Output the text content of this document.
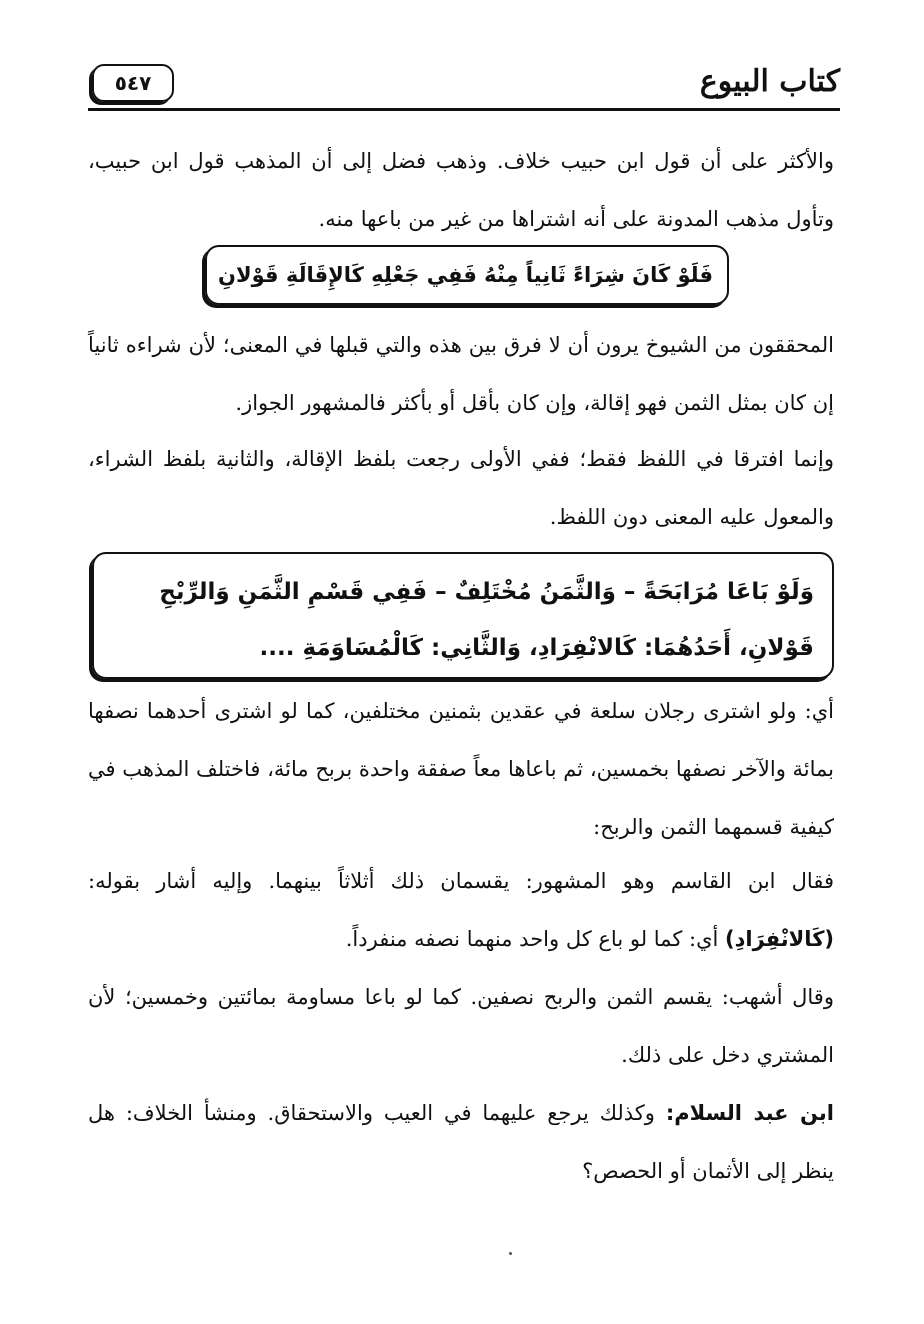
كتاب البيوع
٥٤٧

والأكثر على أن قول ابن حبيب خلاف. وذهب فضل إلى أن المذهب قول ابن حبيب، وتأول مذهب المدونة على أنه اشتراها من غير من باعها منه.

فَلَوْ كَانَ شِرَاءً ثَانِياً مِنْهُ فَفِي جَعْلِهِ كَالإِقَالَةِ قَوْلانِ

المحققون من الشيوخ يرون أن لا فرق بين هذه والتي قبلها في المعنى؛ لأن شراءه ثانياً إن كان بمثل الثمن فهو إقالة، وإن كان بأقل أو بأكثر فالمشهور الجواز.

وإنما افترقا في اللفظ فقط؛ ففي الأولى رجعت بلفظ الإقالة، والثانية بلفظ الشراء، والمعول عليه المعنى دون اللفظ.

وَلَوْ بَاعَا مُرَابَحَةً – وَالثَّمَنُ مُخْتَلِفٌ – فَفِي قَسْمِ الثَّمَنِ وَالرِّبْحِ
قَوْلانِ، أَحَدُهُمَا: كَالانْفِرَادِ، وَالثَّانِي: كَالْمُسَاوَمَةِ ....

أي: ولو اشترى رجلان سلعة في عقدين بثمنين مختلفين، كما لو اشترى أحدهما نصفها بمائة والآخر نصفها بخمسين، ثم باعاها معاً صفقة واحدة بربح مائة، فاختلف المذهب في كيفية قسمهما الثمن والربح:

فقال ابن القاسم وهو المشهور: يقسمان ذلك أثلاثاً بينهما. وإليه أشار بقوله: (كَالانْفِرَادِ) أي: كما لو باع كل واحد منهما نصفه منفرداً.

وقال أشهب: يقسم الثمن والربح نصفين. كما لو باعا مساومة بمائتين وخمسين؛ لأن المشتري دخل على ذلك.

ابن عبد السلام: وكذلك يرجع عليهما في العيب والاستحقاق. ومنشأ الخلاف: هل ينظر إلى الأثمان أو الحصص؟
